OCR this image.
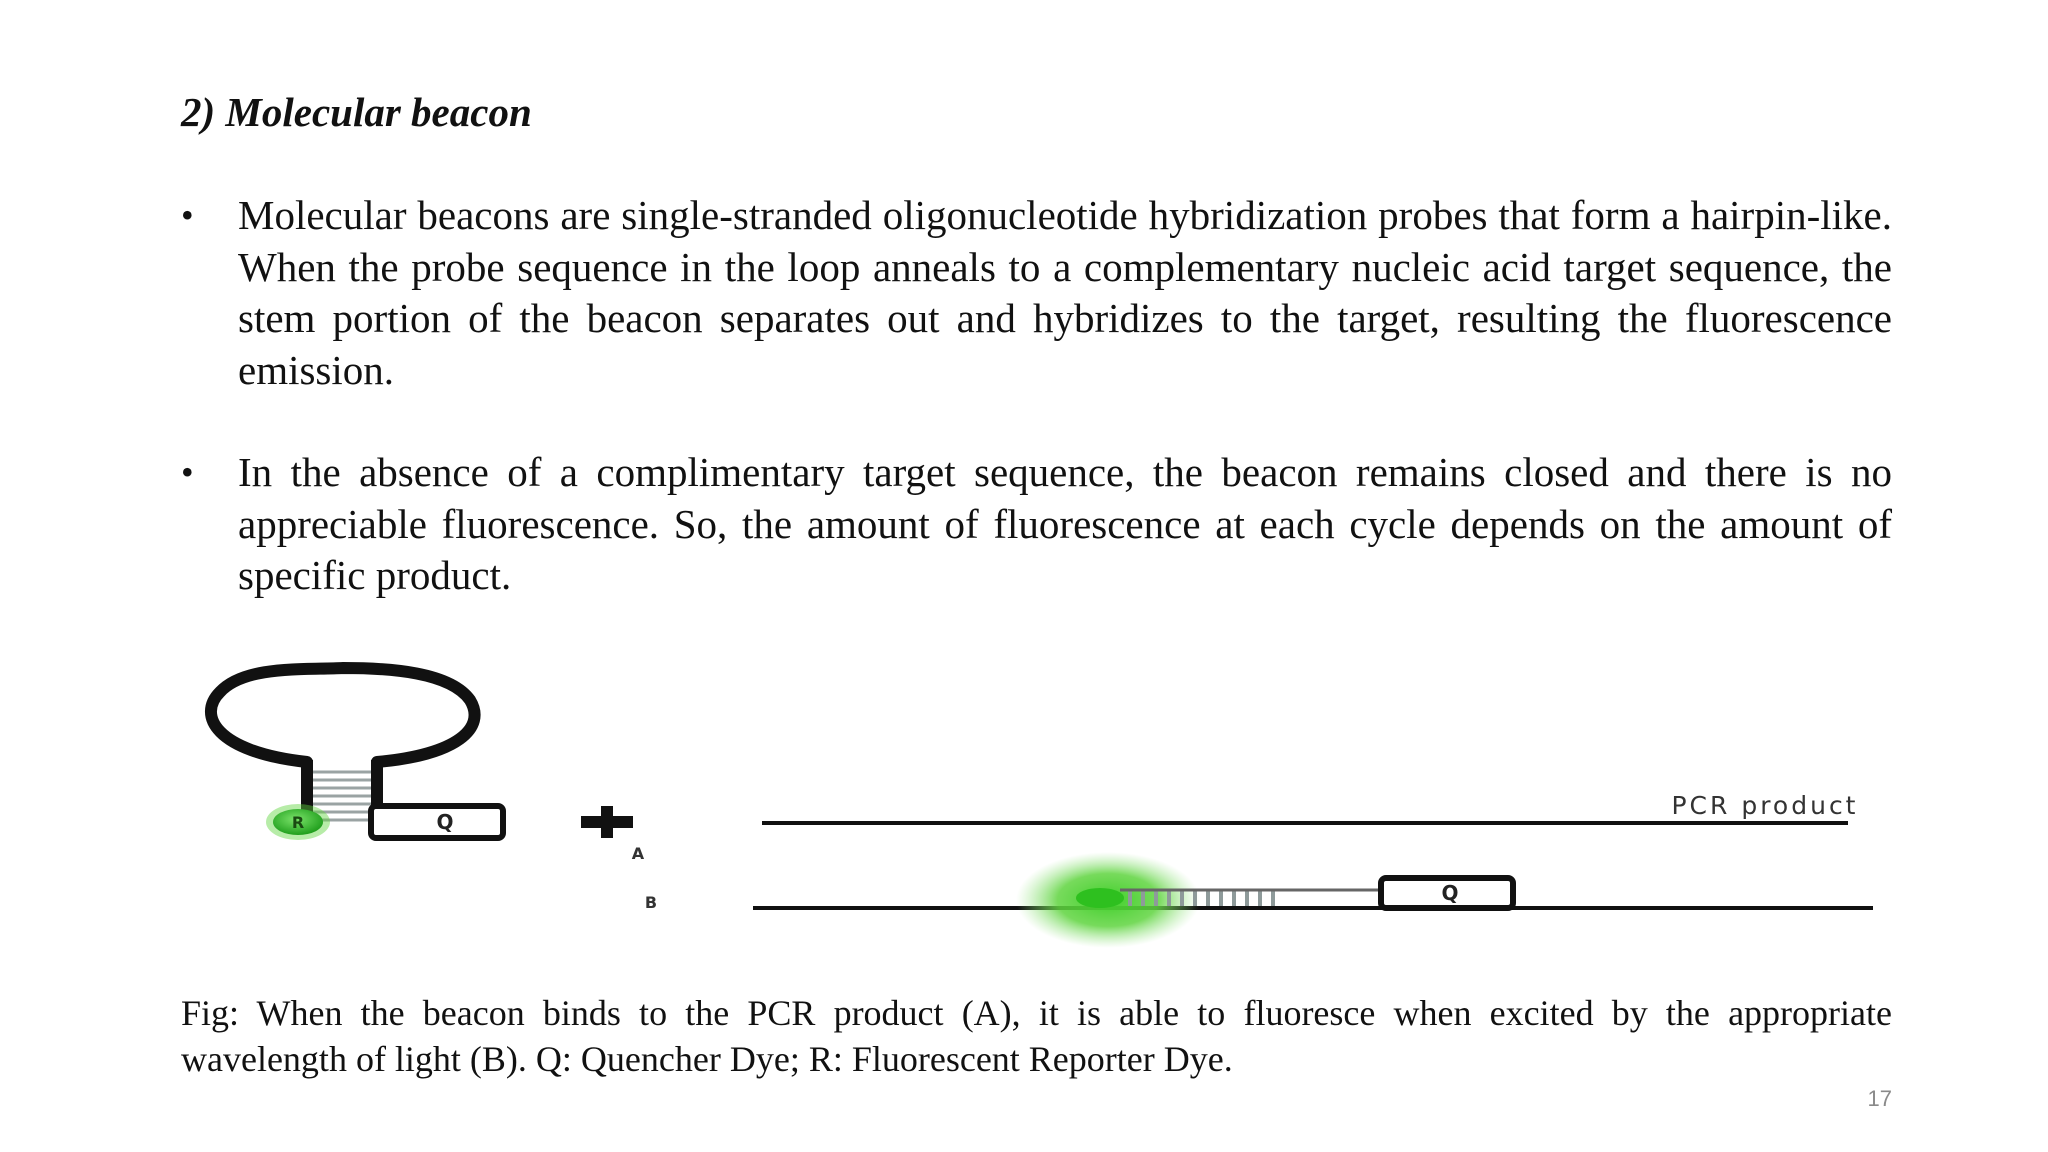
2) Molecular beacon
• Molecular beacons are single-stranded oligonucleotide hybridization probes that form a hairpin-like. When the probe sequence in the loop anneals to a complementary nucleic acid target sequence, the stem portion of the beacon separates out and hybridizes to the target, resulting the fluorescence emission.
• In the absence of a complimentary target sequence, the beacon remains closed and there is no appreciable fluorescence. So, the amount of fluorescence at each cycle depends on the amount of specific product.
R	Q
A
B
PCR product
Q

Fig: When the beacon binds to the PCR product (A), it is able to fluoresce when excited by the appropriate wavelength of light (B). Q: Quencher Dye; R: Fluorescent Reporter Dye.

17
